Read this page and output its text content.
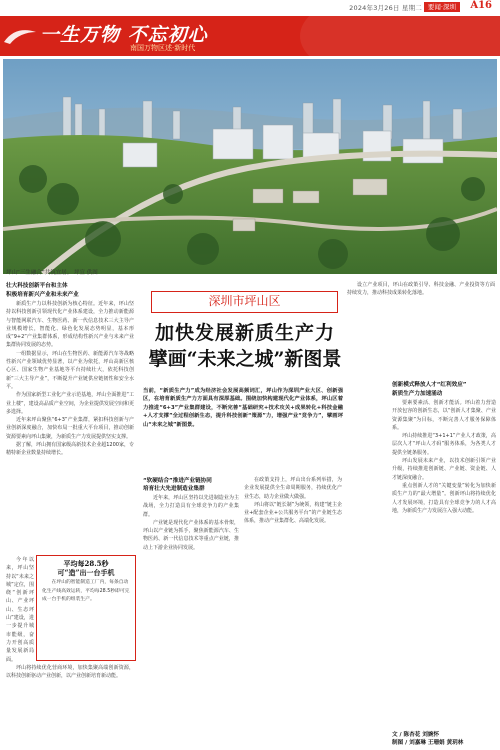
2024年3月26日 星期二 要闻·深圳	A16
一生万物 不忘初心
南国万物区述·新时代
坪山“三生融合”共筑宜居。 坪宣 供图
壮大科技创新平台和主体
积极培育新兴产业和未来产业

新质生产力以科技创新为核心特征。近年来，坪山坚持以科技创新引领现代化产业体系建设，全力推动新能源与智能网联汽车、生物医药、新一代信息技术三大主导产业规模增长，智能化、绿色化发展态势明显，基本形成“9+2”产业集群体系，形成结构性新兴产业与未来产业集群协同发展的态势。

一组数据显示，坪山在生物医药、新能源汽车等战略性新兴产业领域优势显著，以产业为依托，坪山高新区核心区、国家生物产业基地等平台持续壮大，依托科技创新“三大主导产业”，不断提升产业链供应链韧性和安全水平。

作为国家新型工业化产业示范基地，坪山全面推进“工业上楼”，建设高品质产业空间，为企业提供发展空间和更多选择。

近年来坪山聚焦“6+3”产业集群，紧扣科技创新与产业创新深度融合，加快布局一批重大平台项目，推动创新资源要素向坪山集聚，为新质生产力发展提供坚实支撑。

据了解，坪山拥有国家级高新技术企业超1200家，专精特新企业数量持续增长。

今年以来，坪山坚持以“未来之城”定位，围绕“创新坪山、产业坪山、生态坪山”建设，进一步提升城市能级，奋力开创高质量发展新局面。

坪山将持续优化营商环境，加快集聚高端创新资源，以科技创新驱动产业创新，以产业创新培育新动能。

平均每28.5秒
可“造”出一台手机
在坪山的智能制造工厂内，每条自动化生产线高效运转，平均每28.5秒即可完成一台手机的组装生产。
深圳市坪山区
加快发展新质生产力
擘画“未来之城”新图景
当前，“新质生产力”成为经济社会发展高频词汇，坪山作为深圳产业大区、创新强区，在培育新质生产力方面具有深厚基础。围绕加快构建现代化产业体系，坪山区着力推进“6+3”产业集群建设，不断完善“基础研究+技术攻关+成果转化+科技金融+人才支撑”全过程创新生态，提升科技创新“策源”力，增强产业“竞争力”，擘画坪山“未来之城”新图景。
“软硬结合”推进产业链协同
培育壮大先进制造业集群

近年来，坪山区坚持以先进制造业为主战场，全力打造具有全球竞争力的产业集群。

产业链是现代化产业体系的基本骨架，坪山以产业链为抓手，聚焦新能源汽车、生物医药、新一代信息技术等重点产业链，推动上下游企业协同发展。

在政策支持上，坪山出台系列举措，为企业发展提供全生命周期服务，持续优化产业生态，助力企业做大做强。

坪山将以“链长制”为统领，构建“链主企业+配套企业+公共服务平台”的产业链生态体系，推动产业集群化、高端化发展。

设立产业项目，坪山在政策引导、科技金融、产业投资等方面持续发力，推动科技成果转化落地。

创新模式释放人才“红利效应”
新质生产力加速涌动

要素要素活、创新才能活。坪山着力营造开放包容的创新生态，以“创新人才集聚、产业资源集聚”为目标，不断完善人才服务保障体系。

坪山持续推进“3+1+1”产业人才政策，高层次人才“坪山人才码”服务体系，为各类人才提供全链条服务。

坪山发展未来产业，以技术创新引领产业升级，持续推进创新链、产业链、资金链、人才链深度融合。

重点创新人才的“关键变量”转化为加快新质生产力的“最大增量”。创新坪山将持续优化人才发展环境，打造具有全球竞争力的人才高地，为新质生产力发展注入强大动能。

文 / 陈杏花 刘婉怀
制图 / 刘嘉琳 王珊娟 黄玥林
